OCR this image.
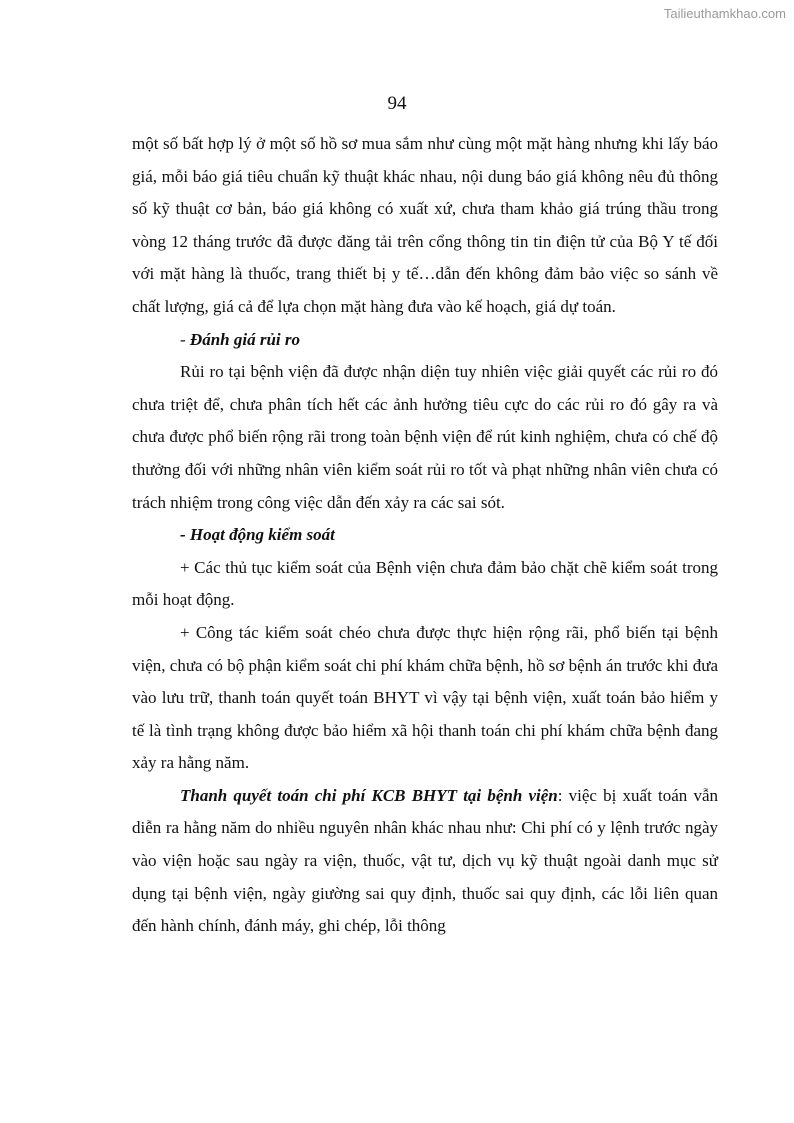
Tailieuthamkhao.com
94

một số bất hợp lý ở một số hồ sơ mua sắm như cùng một mặt hàng nhưng khi lấy báo giá, mỗi báo giá tiêu chuẩn kỹ thuật khác nhau, nội dung báo giá không nêu đủ thông số kỹ thuật cơ bản, báo giá không có xuất xứ, chưa tham khảo giá trúng thầu trong vòng 12 tháng trước đã được đăng tải trên cổng thông tin tin điện tử của Bộ Y tế đối với mặt hàng là thuốc, trang thiết bị y tế…dẫn đến không đảm bảo việc so sánh về chất lượng, giá cả để lựa chọn mặt hàng đưa vào kế hoạch, giá dự toán.

- Đánh giá rủi ro

Rủi ro tại bệnh viện đã được nhận diện tuy nhiên việc giải quyết các rủi ro đó chưa triệt để, chưa phân tích hết các ảnh hưởng tiêu cực do các rủi ro đó gây ra và chưa được phổ biến rộng rãi trong toàn bệnh viện để rút kinh nghiệm, chưa có chế độ thưởng đối với những nhân viên kiểm soát rủi ro tốt và phạt những nhân viên chưa có trách nhiệm trong công việc dẫn đến xảy ra các sai sót.

- Hoạt động kiểm soát

+ Các thủ tục kiểm soát của Bệnh viện chưa đảm bảo chặt chẽ kiểm soát trong mỗi hoạt động.

+ Công tác kiểm soát chéo chưa được thực hiện rộng rãi, phổ biến tại bệnh viện, chưa có bộ phận kiểm soát chi phí khám chữa bệnh, hồ sơ bệnh án trước khi đưa vào lưu trữ, thanh toán quyết toán BHYT vì vậy tại bệnh viện, xuất toán bảo hiểm y tế là tình trạng không được bảo hiểm xã hội thanh toán chi phí khám chữa bệnh đang xảy ra hằng năm.

Thanh quyết toán chi phí KCB BHYT tại bệnh viện: việc bị xuất toán vẫn diễn ra hằng năm do nhiều nguyên nhân khác nhau như: Chi phí có y lệnh trước ngày vào viện hoặc sau ngày ra viện, thuốc, vật tư, dịch vụ kỹ thuật ngoài danh mục sử dụng tại bệnh viện, ngày giường sai quy định, thuốc sai quy định, các lỗi liên quan đến hành chính, đánh máy, ghi chép, lỗi thông
